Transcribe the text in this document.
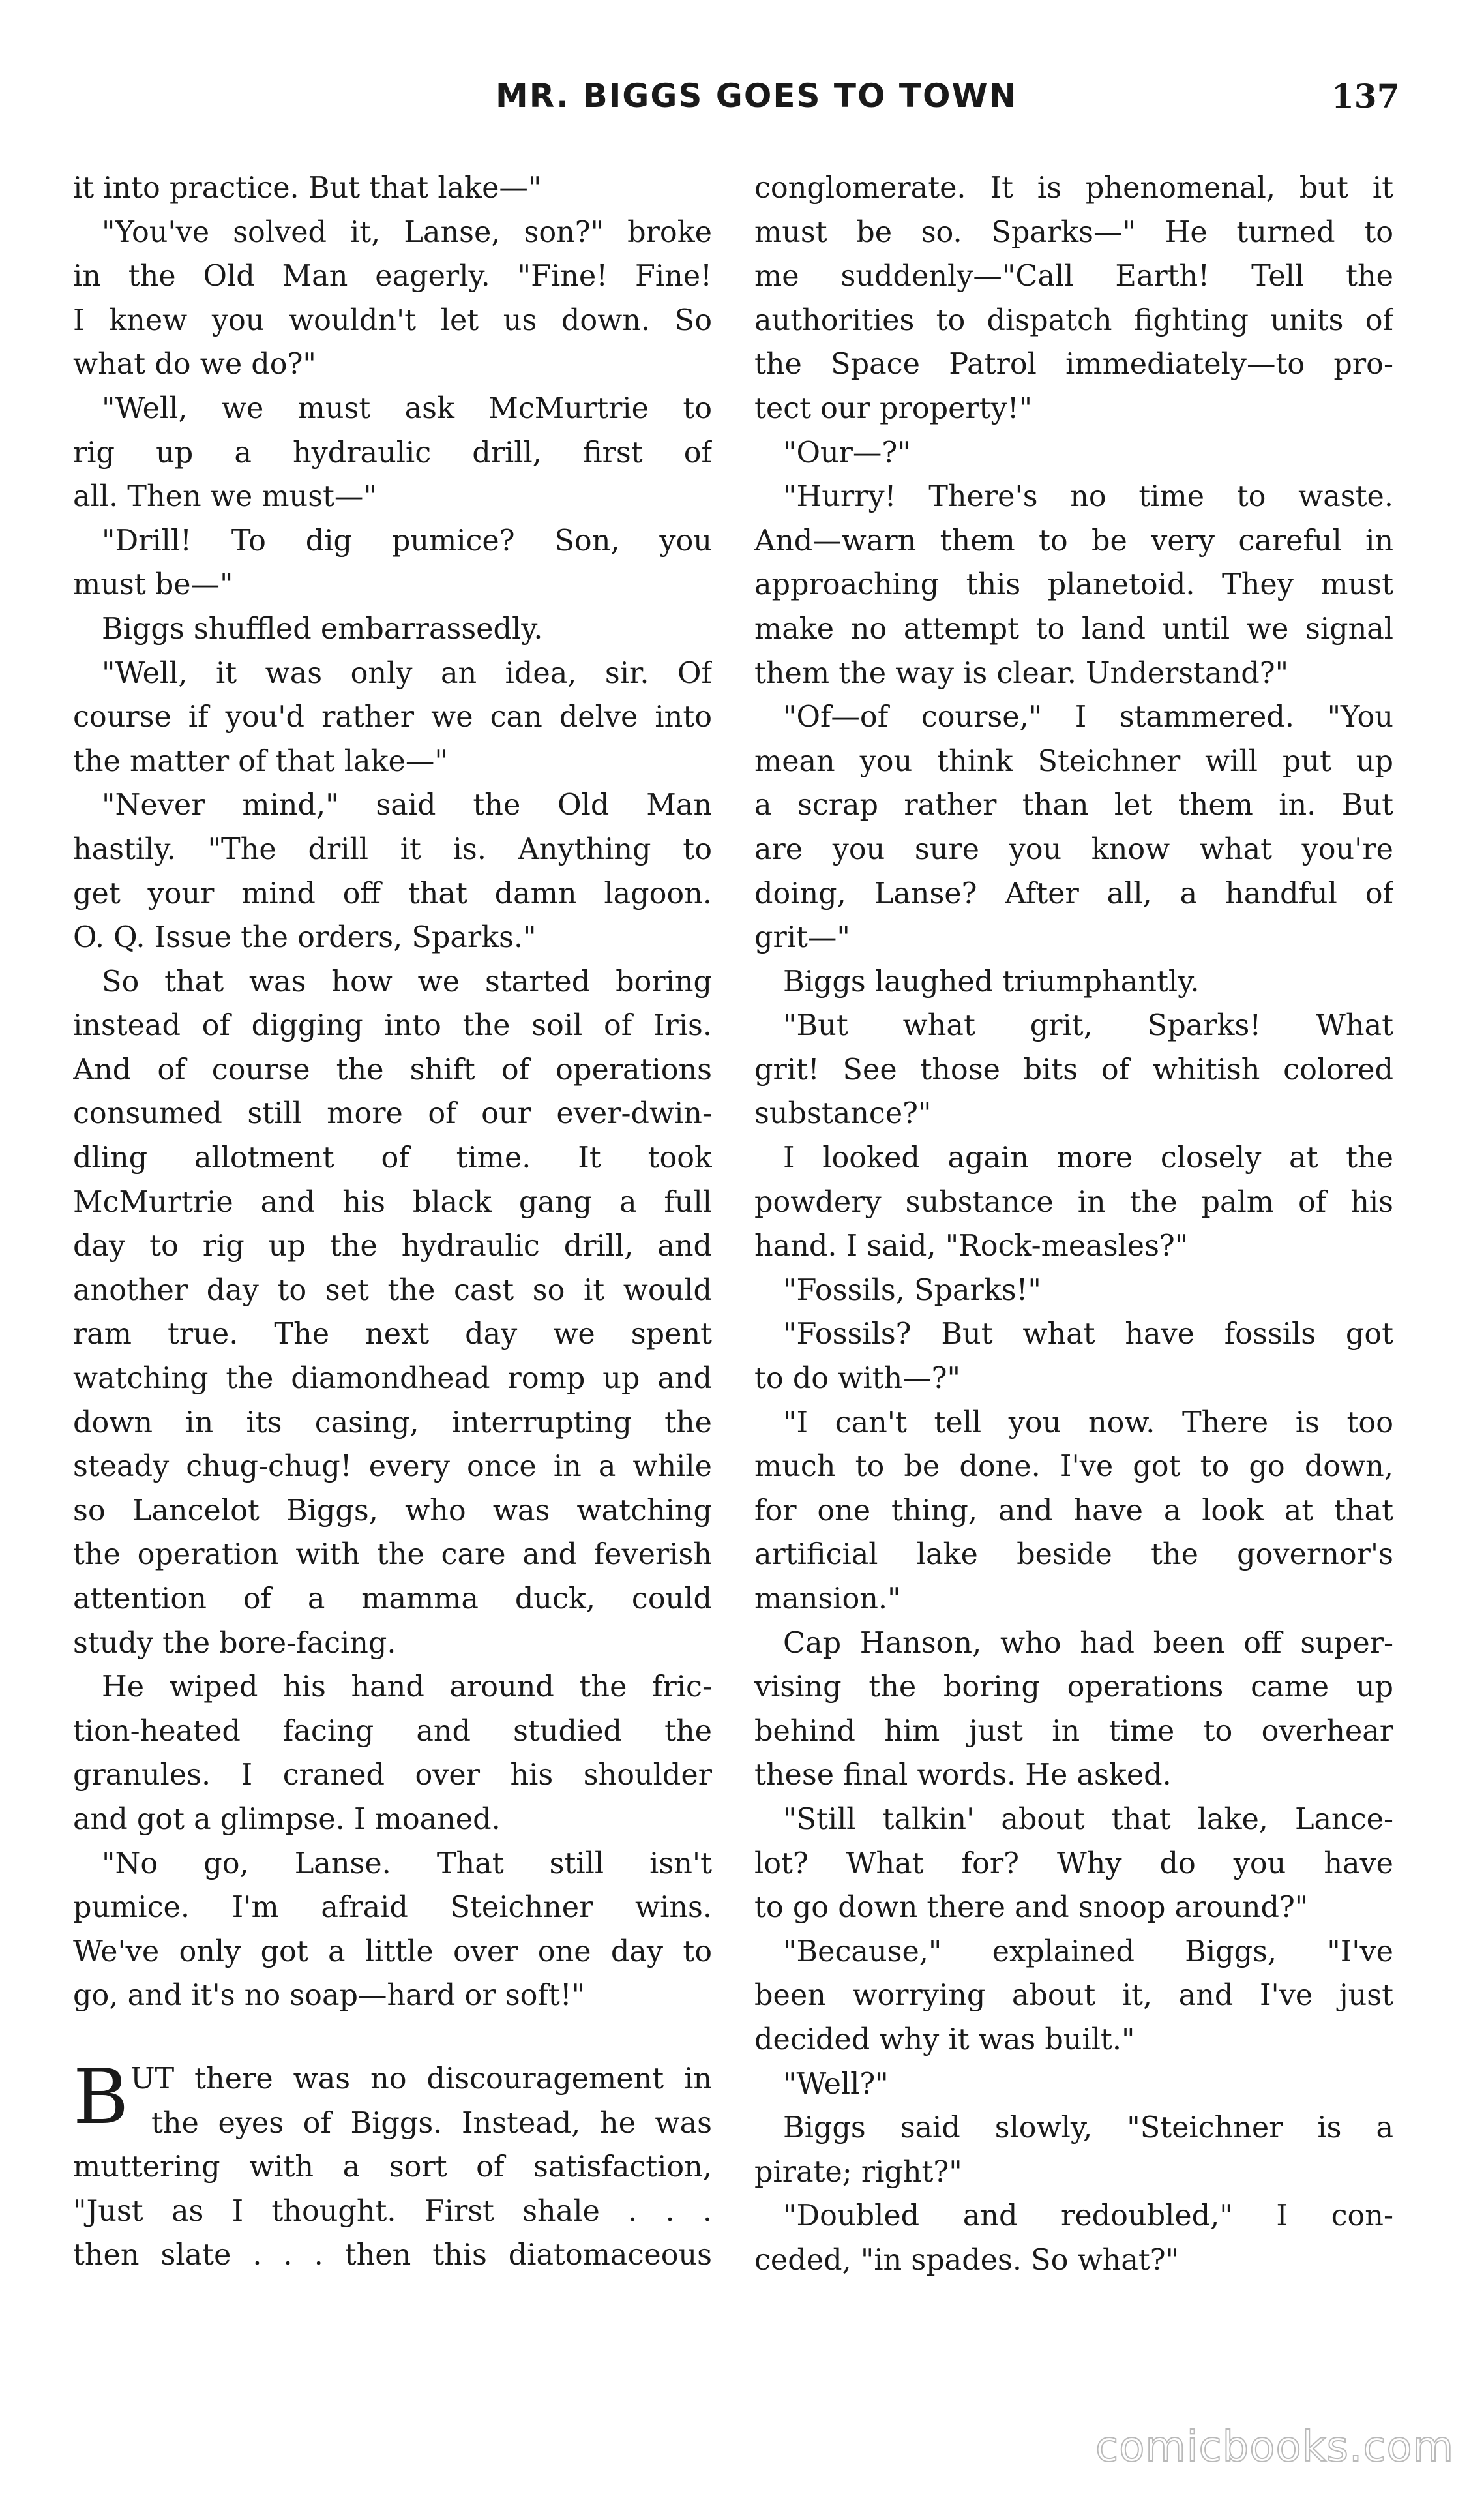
MR. BIGGS GOES TO TOWN	137
it into practice. But that lake—"
"You've solved it, Lanse, son?" broke
in the Old Man eagerly. "Fine! Fine!
I knew you wouldn't let us down. So
what do we do?"
"Well, we must ask McMurtrie to
rig up a hydraulic drill, first of
all. Then we must—"
"Drill! To dig pumice? Son, you
must be—"
Biggs shuffled embarrassedly.
"Well, it was only an idea, sir. Of
course if you'd rather we can delve into
the matter of that lake—"
"Never mind," said the Old Man
hastily. "The drill it is. Anything to
get your mind off that damn lagoon.
O. Q. Issue the orders, Sparks."
So that was how we started boring
instead of digging into the soil of Iris.
And of course the shift of operations
consumed still more of our ever-dwin-
dling allotment of time. It took
McMurtrie and his black gang a full
day to rig up the hydraulic drill, and
another day to set the cast so it would
ram true. The next day we spent
watching the diamondhead romp up and
down in its casing, interrupting the
steady chug-chug! every once in a while
so Lancelot Biggs, who was watching
the operation with the care and feverish
attention of a mamma duck, could
study the bore-facing.
He wiped his hand around the fric-
tion-heated facing and studied the
granules. I craned over his shoulder
and got a glimpse. I moaned.
"No go, Lanse. That still isn't
pumice. I'm afraid Steichner wins.
We've only got a little over one day to
go, and it's no soap—hard or soft!"
B UT there was no discouragement in
the eyes of Biggs. Instead, he was
muttering with a sort of satisfaction,
"Just as I thought. First shale . . .
then slate . . . then this diatomaceous
conglomerate. It is phenomenal, but it
must be so. Sparks—" He turned to
me suddenly—"Call Earth! Tell the
authorities to dispatch fighting units of
the Space Patrol immediately—to pro-
tect our property!"
"Our—?"
"Hurry! There's no time to waste.
And—warn them to be very careful in
approaching this planetoid. They must
make no attempt to land until we signal
them the way is clear. Understand?"
"Of—of course," I stammered. "You
mean you think Steichner will put up
a scrap rather than let them in. But
are you sure you know what you're
doing, Lanse? After all, a handful of
grit—"
Biggs laughed triumphantly.
"But what grit, Sparks! What
grit! See those bits of whitish colored
substance?"
I looked again more closely at the
powdery substance in the palm of his
hand. I said, "Rock-measles?"
"Fossils, Sparks!"
"Fossils? But what have fossils got
to do with—?"
"I can't tell you now. There is too
much to be done. I've got to go down,
for one thing, and have a look at that
artificial lake beside the governor's
mansion."
Cap Hanson, who had been off super-
vising the boring operations came up
behind him just in time to overhear
these final words. He asked.
"Still talkin' about that lake, Lance-
lot? What for? Why do you have
to go down there and snoop around?"
"Because," explained Biggs, "I've
been worrying about it, and I've just
decided why it was built."
"Well?"
Biggs said slowly, "Steichner is a
pirate; right?"
"Doubled and redoubled," I con-
ceded, "in spades. So what?"
comicbooks.com
